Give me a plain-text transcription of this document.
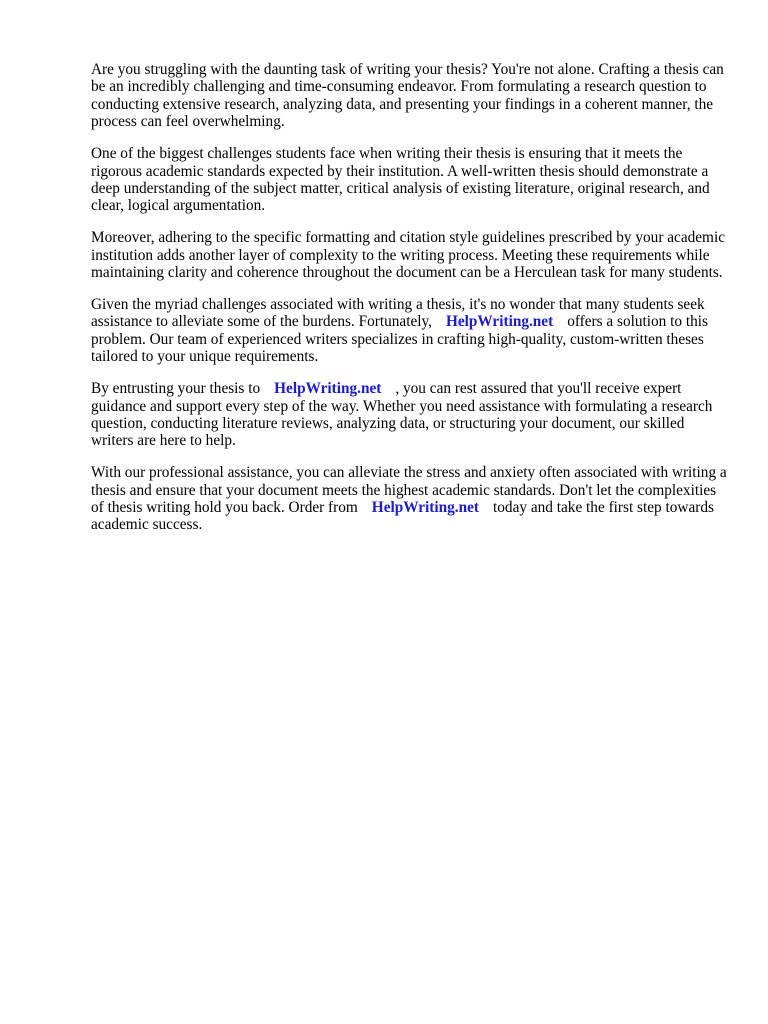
Are you struggling with the daunting task of writing your thesis? You're not alone. Crafting a thesis can be an incredibly challenging and time-consuming endeavor. From formulating a research question to conducting extensive research, analyzing data, and presenting your findings in a coherent manner, the process can feel overwhelming.

One of the biggest challenges students face when writing their thesis is ensuring that it meets the rigorous academic standards expected by their institution. A well-written thesis should demonstrate a deep understanding of the subject matter, critical analysis of existing literature, original research, and clear, logical argumentation.

Moreover, adhering to the specific formatting and citation style guidelines prescribed by your academic institution adds another layer of complexity to the writing process. Meeting these requirements while maintaining clarity and coherence throughout the document can be a Herculean task for many students.

Given the myriad challenges associated with writing a thesis, it's no wonder that many students seek assistance to alleviate some of the burdens. Fortunately, HelpWriting.net offers a solution to this problem. Our team of experienced writers specializes in crafting high-quality, custom-written theses tailored to your unique requirements.

By entrusting your thesis to HelpWriting.net , you can rest assured that you'll receive expert guidance and support every step of the way. Whether you need assistance with formulating a research question, conducting literature reviews, analyzing data, or structuring your document, our skilled writers are here to help.

With our professional assistance, you can alleviate the stress and anxiety often associated with writing a thesis and ensure that your document meets the highest academic standards. Don't let the complexities of thesis writing hold you back. Order from HelpWriting.net today and take the first step towards academic success.
